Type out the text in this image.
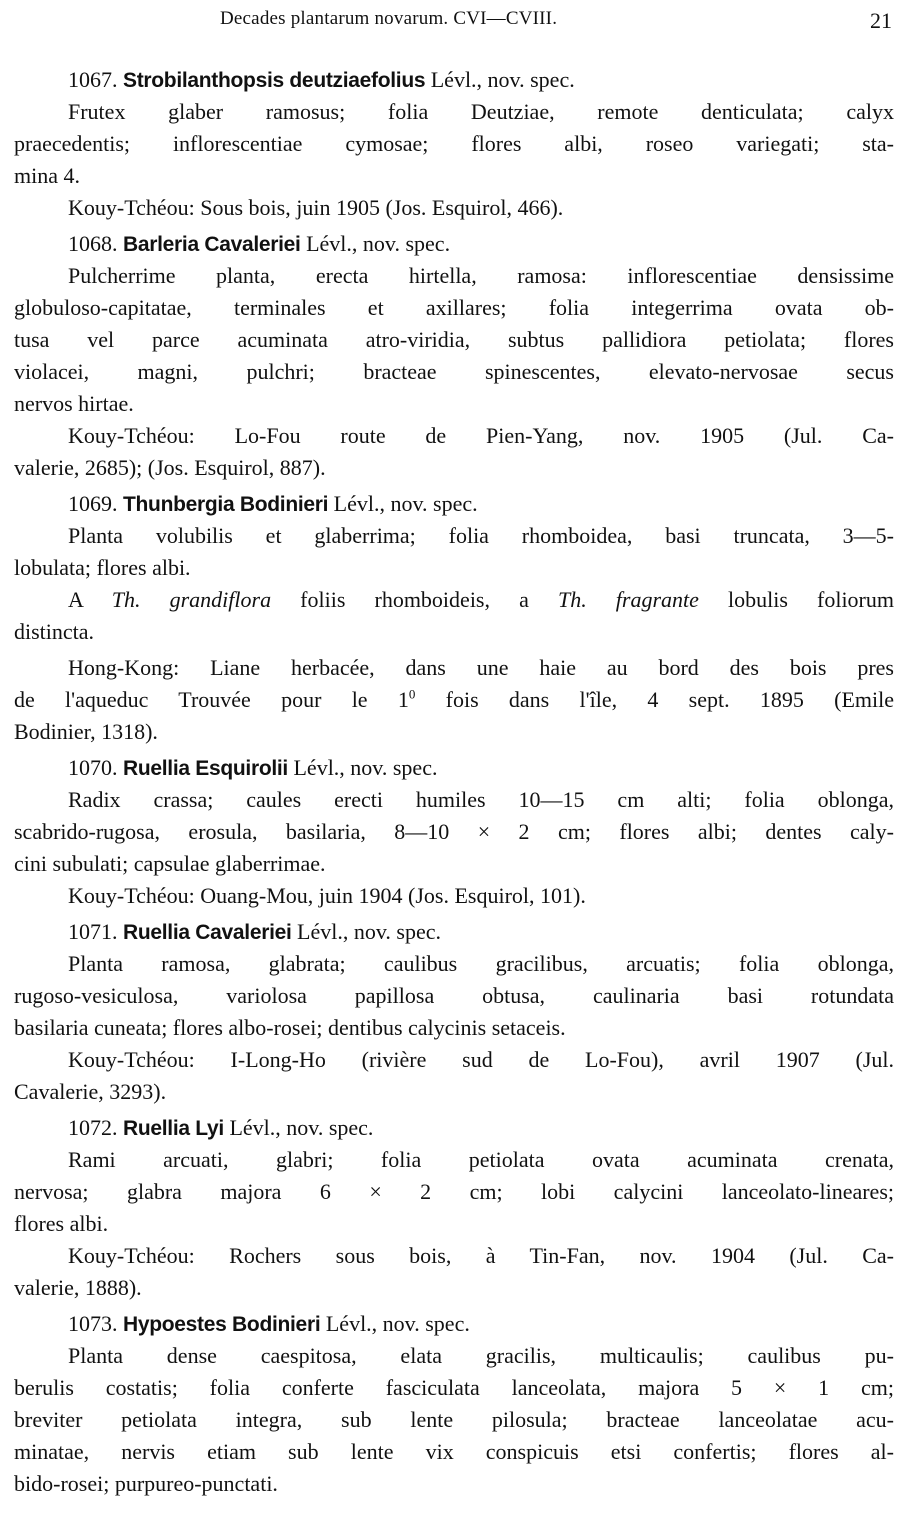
Decades plantarum novarum. CVI—CVIII.	21
1067. Strobilanthopsis deutziaefolius Lévl., nov. spec.
Frutex glaber ramosus; folia Deutziae, remote denticulata; calyx
praecedentis; inflorescentiae cymosae; flores albi, roseo variegati; sta-
mina 4.
Kouy-Tchéou: Sous bois, juin 1905 (Jos. Esquirol, 466).
1068. Barleria Cavaleriei Lévl., nov. spec.
Pulcherrime planta, erecta hirtella, ramosa: inflorescentiae densissime
globuloso-capitatae, terminales et axillares; folia integerrima ovata ob-
tusa vel parce acuminata atro-viridia, subtus pallidiora petiolata; flores
violacei, magni, pulchri; bracteae spinescentes, elevato-nervosae secus
nervos hirtae.
Kouy-Tchéou: Lo-Fou route de Pien-Yang, nov. 1905 (Jul. Ca-
valerie, 2685); (Jos. Esquirol, 887).
1069. Thunbergia Bodinieri Lévl., nov. spec.
Planta volubilis et glaberrima; folia rhomboidea, basi truncata, 3—5-
lobulata; flores albi.
A Th. grandiflora foliis rhomboideis, a Th. fragrante lobulis foliorum
distincta.
Hong-Kong: Liane herbacée, dans une haie au bord des bois pres
de l'aqueduc Trouvée pour le $1^0$ fois dans l'île, 4 sept. 1895 (Emile
Bodinier, 1318).
1070. Ruellia Esquirolii Lévl., nov. spec.
Radix crassa; caules erecti humiles 10—15 cm alti; folia oblonga,
scabrido-rugosa, erosula, basilaria, 8—10 × 2 cm; flores albi; dentes caly-
cini subulati; capsulae glaberrimae.
Kouy-Tchéou: Ouang-Mou, juin 1904 (Jos. Esquirol, 101).
1071. Ruellia Cavaleriei Lévl., nov. spec.
Planta ramosa, glabrata; caulibus gracilibus, arcuatis; folia oblonga,
rugoso-vesiculosa, variolosa papillosa obtusa, caulinaria basi rotundata
basilaria cuneata; flores albo-rosei; dentibus calycinis setaceis.
Kouy-Tchéou: I-Long-Ho (rivière sud de Lo-Fou), avril 1907 (Jul.
Cavalerie, 3293).
1072. Ruellia Lyi Lévl., nov. spec.
Rami arcuati, glabri; folia petiolata ovata acuminata crenata,
nervosa; glabra majora 6 × 2 cm; lobi calycini lanceolato-lineares;
flores albi.
Kouy-Tchéou: Rochers sous bois, à Tin-Fan, nov. 1904 (Jul. Ca-
valerie, 1888).
1073. Hypoestes Bodinieri Lévl., nov. spec.
Planta dense caespitosa, elata gracilis, multicaulis; caulibus pu-
berulis costatis; folia conferte fasciculata lanceolata, majora 5 × 1 cm;
breviter petiolata integra, sub lente pilosula; bracteae lanceolatae acu-
minatae, nervis etiam sub lente vix conspicuis etsi confertis; flores al-
bido-rosei; purpureo-punctati.
